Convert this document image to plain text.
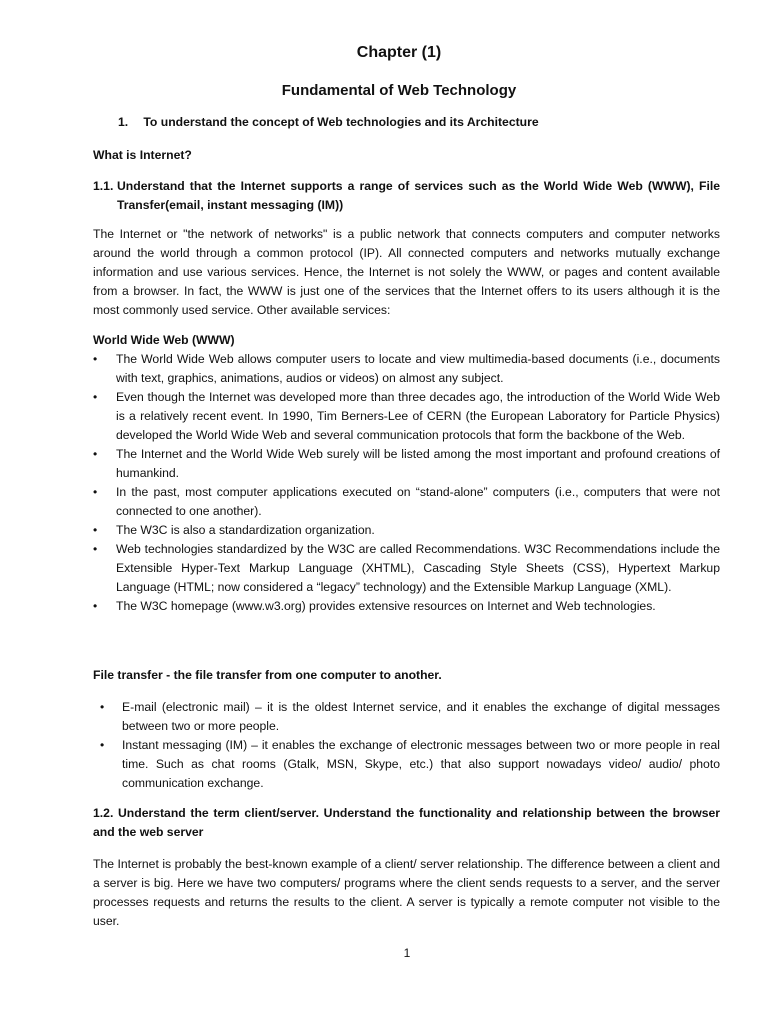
Chapter (1)
Fundamental of Web Technology
1. To understand the concept of Web technologies and its Architecture
What is Internet?
1.1. Understand that the Internet supports a range of services such as the World Wide Web (WWW), File Transfer(email, instant messaging (IM))
The Internet or "the network of networks" is a public network that connects computers and computer networks around the world through a common protocol (IP). All connected computers and networks mutually exchange information and use various services. Hence, the Internet is not solely the WWW, or pages and content available from a browser. In fact, the WWW is just one of the services that the Internet offers to its users although it is the most commonly used service. Other available services:
World Wide Web (WWW)
• The World Wide Web allows computer users to locate and view multimedia-based documents (i.e., documents with text, graphics, animations, audios or videos) on almost any subject.
• Even though the Internet was developed more than three decades ago, the introduction of the World Wide Web is a relatively recent event. In 1990, Tim Berners-Lee of CERN (the European Laboratory for Particle Physics) developed the World Wide Web and several communication protocols that form the backbone of the Web.
• The Internet and the World Wide Web surely will be listed among the most important and profound creations of humankind.
• In the past, most computer applications executed on “stand-alone” computers (i.e., computers that were not connected to one another).
• The W3C is also a standardization organization.
• Web technologies standardized by the W3C are called Recommendations. W3C Recommendations include the Extensible Hyper-Text Markup Language (XHTML), Cascading Style Sheets (CSS), Hypertext Markup Language (HTML; now considered a “legacy” technology) and the Extensible Markup Language (XML).
• The W3C homepage (www.w3.org) provides extensive resources on Internet and Web technologies.
File transfer - the file transfer from one computer to another.
• E-mail (electronic mail) – it is the oldest Internet service, and it enables the exchange of digital messages between two or more people.
• Instant messaging (IM) – it enables the exchange of electronic messages between two or more people in real time. Such as chat rooms (Gtalk, MSN, Skype, etc.) that also support nowadays video/ audio/ photo communication exchange.
1.2. Understand the term client/server. Understand the functionality and relationship between the browser and the web server
The Internet is probably the best-known example of a client/ server relationship. The difference between a client and a server is big. Here we have two computers/ programs where the client sends requests to a server, and the server processes requests and returns the results to the client. A server is typically a remote computer not visible to the user.
1
